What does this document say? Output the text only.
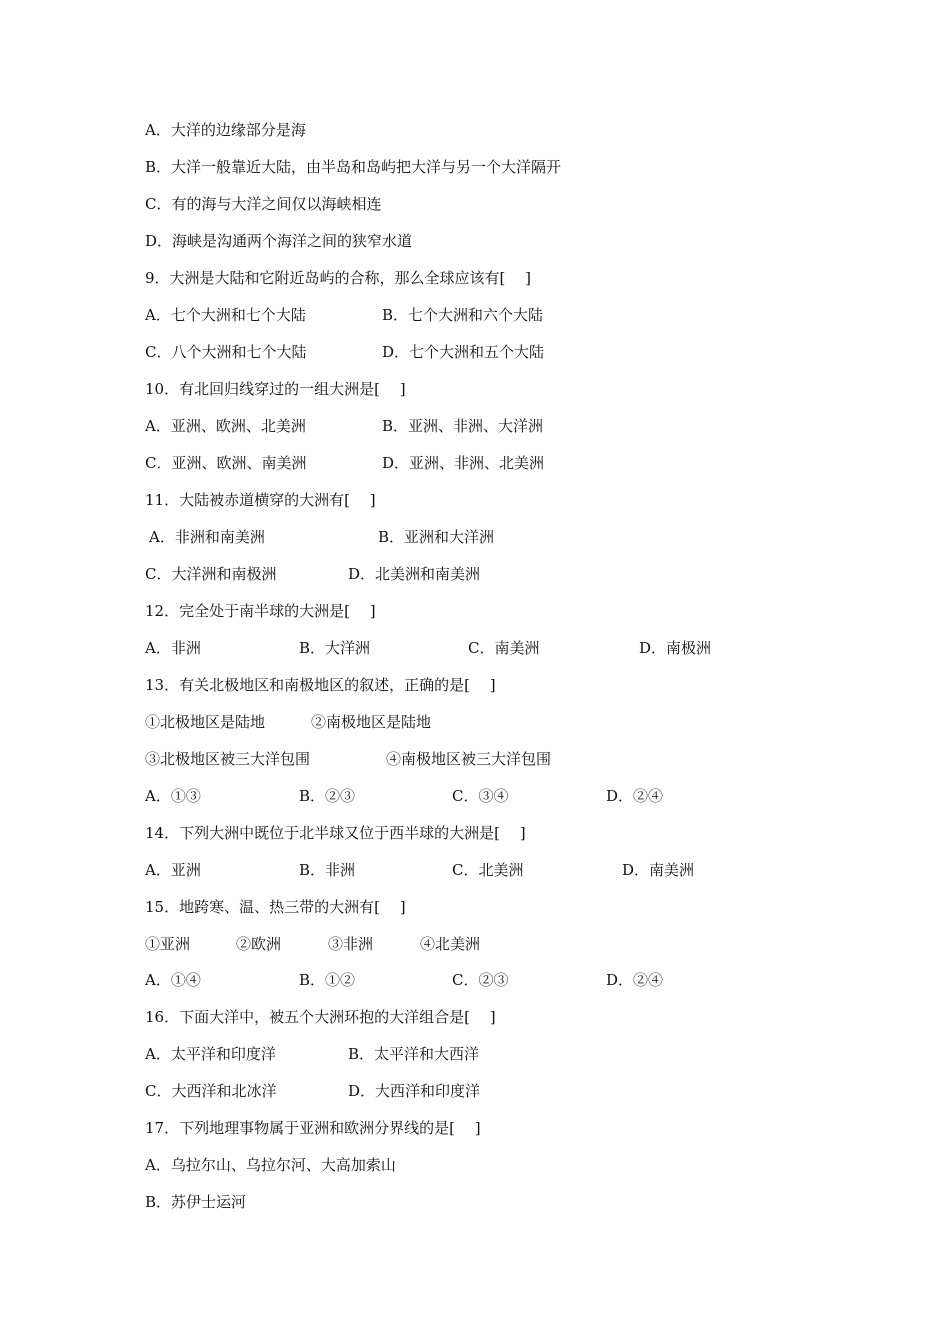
A．大洋的边缘部分是海
B．大洋一般靠近大陆，由半岛和岛屿把大洋与另一个大洋隔开
C．有的海与大洋之间仅以海峡相连
D．海峡是沟通两个海洋之间的狭窄水道
9．大洲是大陆和它附近岛屿的合称，那么全球应该有[　 ]
A．七个大洲和七个大陆	B．七个大洲和六个大陆
C．八个大洲和七个大陆	D．七个大洲和五个大陆
10．有北回归线穿过的一组大洲是[　 ]
A．亚洲、欧洲、北美洲	B．亚洲、非洲、大洋洲
C．亚洲、欧洲、南美洲	D．亚洲、非洲、北美洲
11．大陆被赤道横穿的大洲有[　 ]
A．非洲和南美洲	B．亚洲和大洋洲
C．大洋洲和南极洲	D．北美洲和南美洲
12．完全处于南半球的大洲是[　 ]
A．非洲	B．大洋洲	C．南美洲	D．南极洲
13．有关北极地区和南极地区的叙述，正确的是[　 ]
①北极地区是陆地	②南极地区是陆地
③北极地区被三大洋包围	④南极地区被三大洋包围
A．①③	B．②③	C．③④	D．②④
14．下列大洲中既位于北半球又位于西半球的大洲是[　 ]
A．亚洲	B．非洲	C．北美洲	D．南美洲
15．地跨寒、温、热三带的大洲有[　 ]
①亚洲	②欧洲	③非洲	④北美洲
A．①④	B．①②	C．②③	D．②④
16．下面大洋中，被五个大洲环抱的大洋组合是[　 ]
A．太平洋和印度洋	B．太平洋和大西洋
C．大西洋和北冰洋	D．大西洋和印度洋
17．下列地理事物属于亚洲和欧洲分界线的是[　 ]
A．乌拉尔山、乌拉尔河、大高加索山
B．苏伊士运河
